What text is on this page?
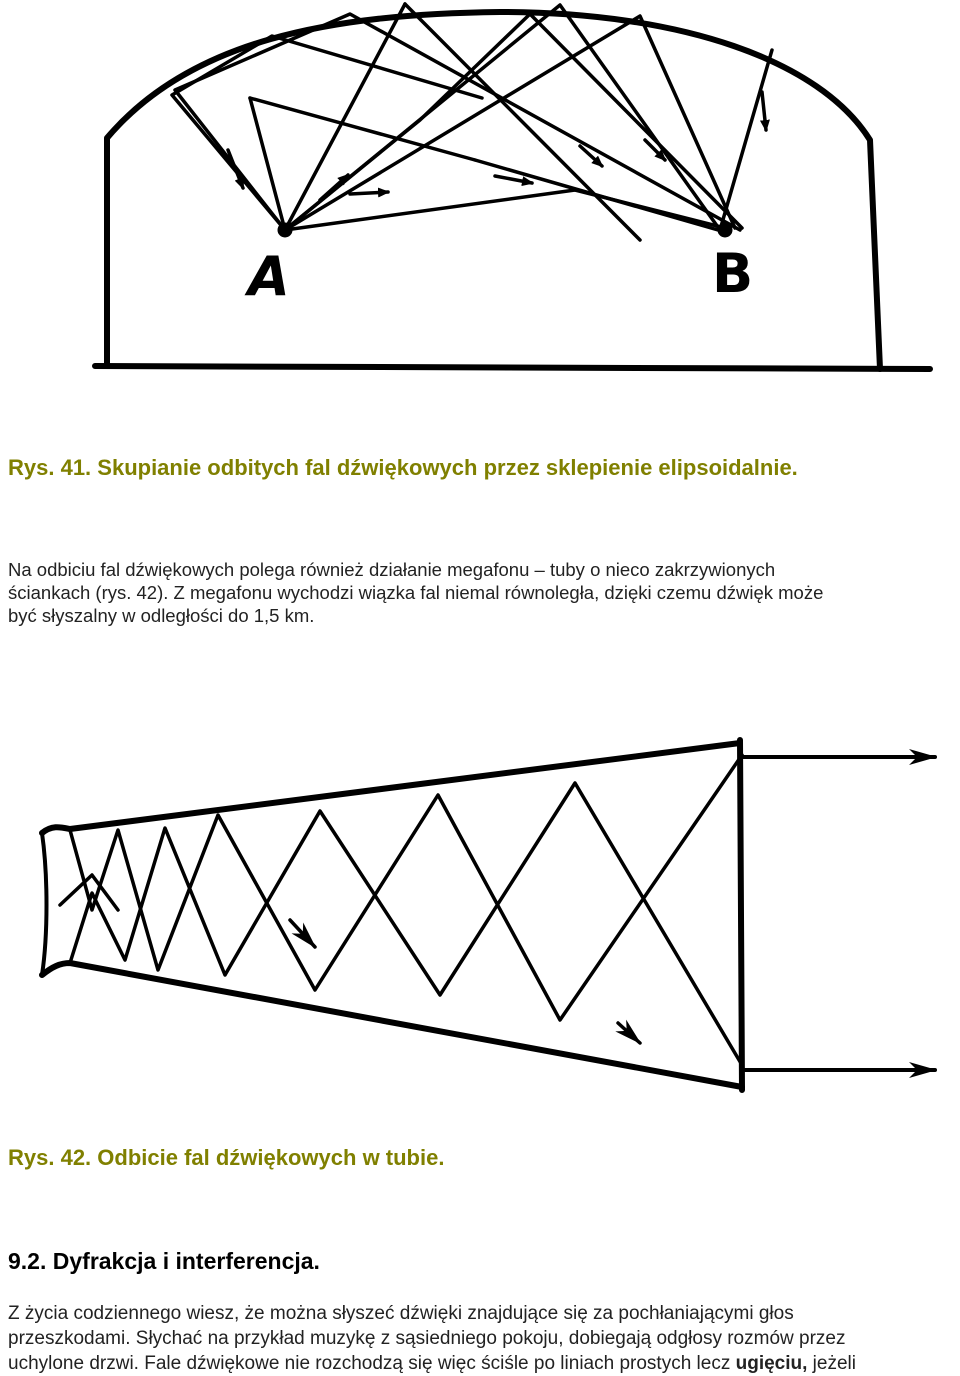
A	B

Rys. 41. Skupianie odbitych fal dźwiękowych przez sklepienie elipsoidalnie.

Na odbiciu fal dźwiękowych polega również działanie megafonu – tuby o nieco zakrzywionych
ściankach (rys. 42). Z megafonu wychodzi wiązka fal niemal równoległa, dzięki czemu dźwięk może
być słyszalny w odległości do 1,5 km.

Rys. 42. Odbicie fal dźwiękowych w tubie.

9.2. Dyfrakcja i interferencja.

Z życia codziennego wiesz, że można słyszeć dźwięki znajdujące się za pochłaniającymi głos
przeszkodami. Słychać na przykład muzykę z sąsiedniego pokoju, dobiegają odgłosy rozmów przez
uchylone drzwi. Fale dźwiękowe nie rozchodzą się więc ściśle po liniach prostych lecz ugięciu, jeżeli
